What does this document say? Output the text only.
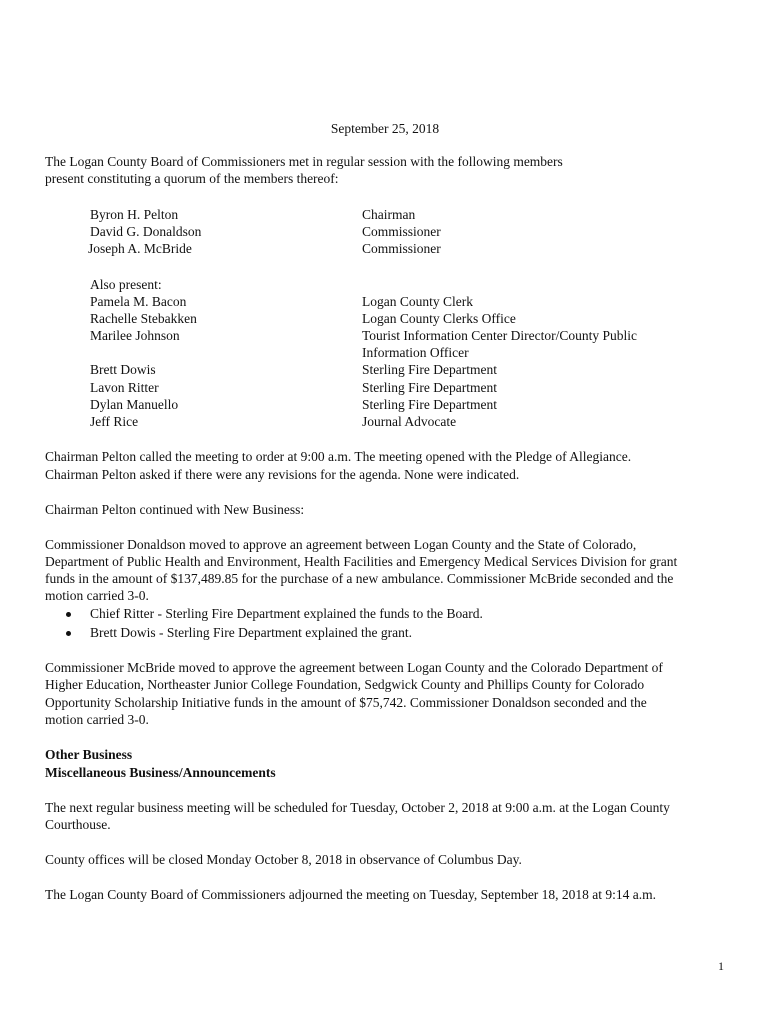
September 25, 2018
The Logan County Board of Commissioners met in regular session with the following members
present constituting a quorum of the members thereof:
Byron H. Pelton	Chairman
David G. Donaldson	Commissioner
Joseph A. McBride	Commissioner
Also present:
Pamela M. Bacon	Logan County Clerk
Rachelle Stebakken	Logan County Clerks Office
Marilee Johnson	Tourist Information Center Director/County Public
Information Officer
Brett Dowis	Sterling Fire Department
Lavon Ritter	Sterling Fire Department
Dylan Manuello	Sterling Fire Department
Jeff Rice	Journal Advocate
Chairman Pelton called the meeting to order at 9:00 a.m. The meeting opened with the Pledge of Allegiance.
Chairman Pelton asked if there were any revisions for the agenda. None were indicated.
Chairman Pelton continued with New Business:
Commissioner Donaldson moved to approve an agreement between Logan County and the State of Colorado,
Department of Public Health and Environment, Health Facilities and Emergency Medical Services Division for grant
funds in the amount of $137,489.85 for the purchase of a new ambulance. Commissioner McBride seconded and the
motion carried 3-0.
Chief Ritter - Sterling Fire Department explained the funds to the Board.
Brett Dowis - Sterling Fire Department explained the grant.
Commissioner McBride moved to approve the agreement between Logan County and the Colorado Department of
Higher Education, Northeaster Junior College Foundation, Sedgwick County and Phillips County for Colorado
Opportunity Scholarship Initiative funds in the amount of $75,742. Commissioner Donaldson seconded and the
motion carried 3-0.
Other Business
Miscellaneous Business/Announcements
The next regular business meeting will be scheduled for Tuesday, October 2, 2018 at 9:00 a.m. at the Logan County
Courthouse.
County offices will be closed Monday October 8, 2018 in observance of Columbus Day.
The Logan County Board of Commissioners adjourned the meeting on Tuesday, September 18, 2018 at 9:14 a.m.
1
